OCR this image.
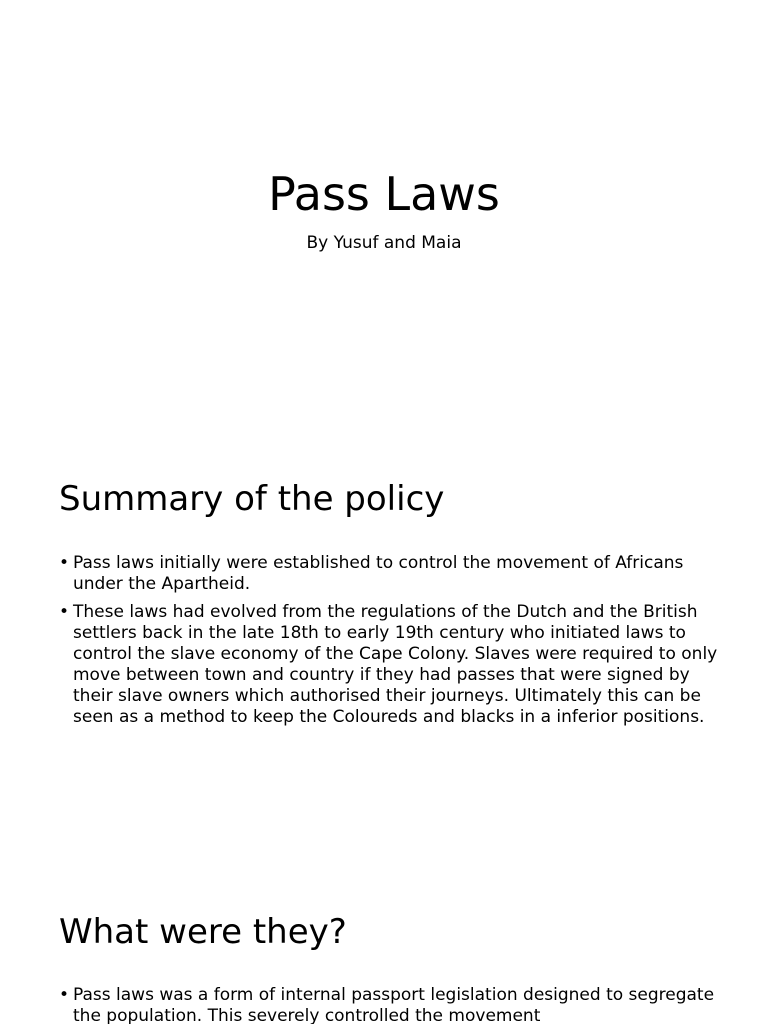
Pass Laws

By Yusuf and Maia

Summary of the policy
• Pass laws initially were established to control the movement of Africans under the Apartheid.
• These laws had evolved from the regulations of the Dutch and the British settlers back in the late 18th to early 19th century who initiated laws to control the slave economy of the Cape Colony. Slaves were required to only move between town and country if they had passes that were signed by their slave owners which authorised their journeys. Ultimately this can be seen as a method to keep the Coloureds and blacks in a inferior positions.
What were they?
• Pass laws was a form of internal passport legislation designed to segregate the population. This severely controlled the movement
